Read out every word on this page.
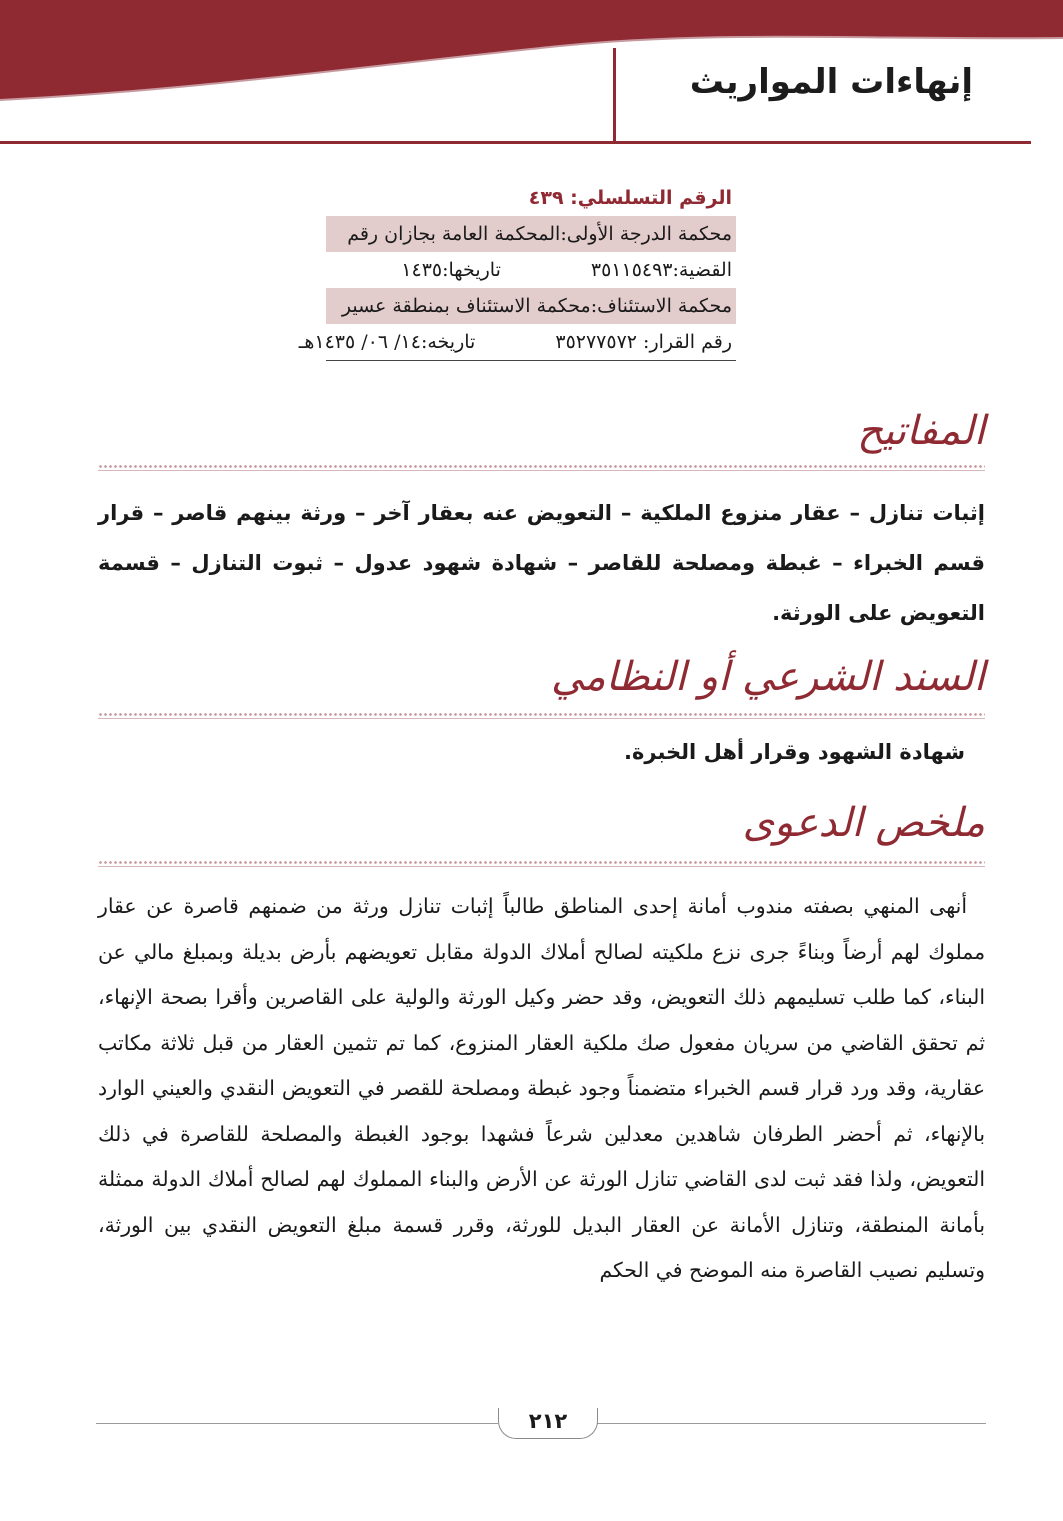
إنهاءات المواريث
الرقم التسلسلي: ٤٣٩
محكمة الدرجة الأولى:المحكمة العامة بجازان رقم
القضية:٣٥١١٥٤٩٣
تاريخها:١٤٣٥
محكمة الاستئناف:محكمة الاستئناف بمنطقة عسير
رقم القرار: ٣٥٢٧٧٥٧٢
تاريخه:١٤/ ٠٦/ ١٤٣٥هـ
المفاتيح

إثبات تنازل – عقار منزوع الملكية – التعويض عنه بعقار آخر – ورثة بينهم قاصر – قرار قسم الخبراء – غبطة ومصلحة للقاصر – شهادة شهود عدول – ثبوت التنازل – قسمة التعويض على الورثة.

السند الشرعي أو النظامي

شهادة الشهود وقرار أهل الخبرة.

ملخص الدعوى

أنهى المنهي بصفته مندوب أمانة إحدى المناطق طالباً إثبات تنازل ورثة من ضمنهم قاصرة عن عقار مملوك لهم أرضاً وبناءً جرى نزع ملكيته لصالح أملاك الدولة مقابل تعويضهم بأرض بديلة وبمبلغ مالي عن البناء، كما طلب تسليمهم ذلك التعويض، وقد حضر وكيل الورثة والولية على القاصرين وأقرا بصحة الإنهاء، ثم تحقق القاضي من سريان مفعول صك ملكية العقار المنزوع، كما تم تثمين العقار من قبل ثلاثة مكاتب عقارية، وقد ورد قرار قسم الخبراء متضمناً وجود غبطة ومصلحة للقصر في التعويض النقدي والعيني الوارد بالإنهاء، ثم أحضر الطرفان شاهدين معدلين شرعاً فشهدا بوجود الغبطة والمصلحة للقاصرة في ذلك التعويض، ولذا فقد ثبت لدى القاضي تنازل الورثة عن الأرض والبناء المملوك لهم لصالح أملاك الدولة ممثلة بأمانة المنطقة، وتنازل الأمانة عن العقار البديل للورثة، وقرر قسمة مبلغ التعويض النقدي بين الورثة، وتسليم نصيب القاصرة منه الموضح في الحكم

٢١٢
